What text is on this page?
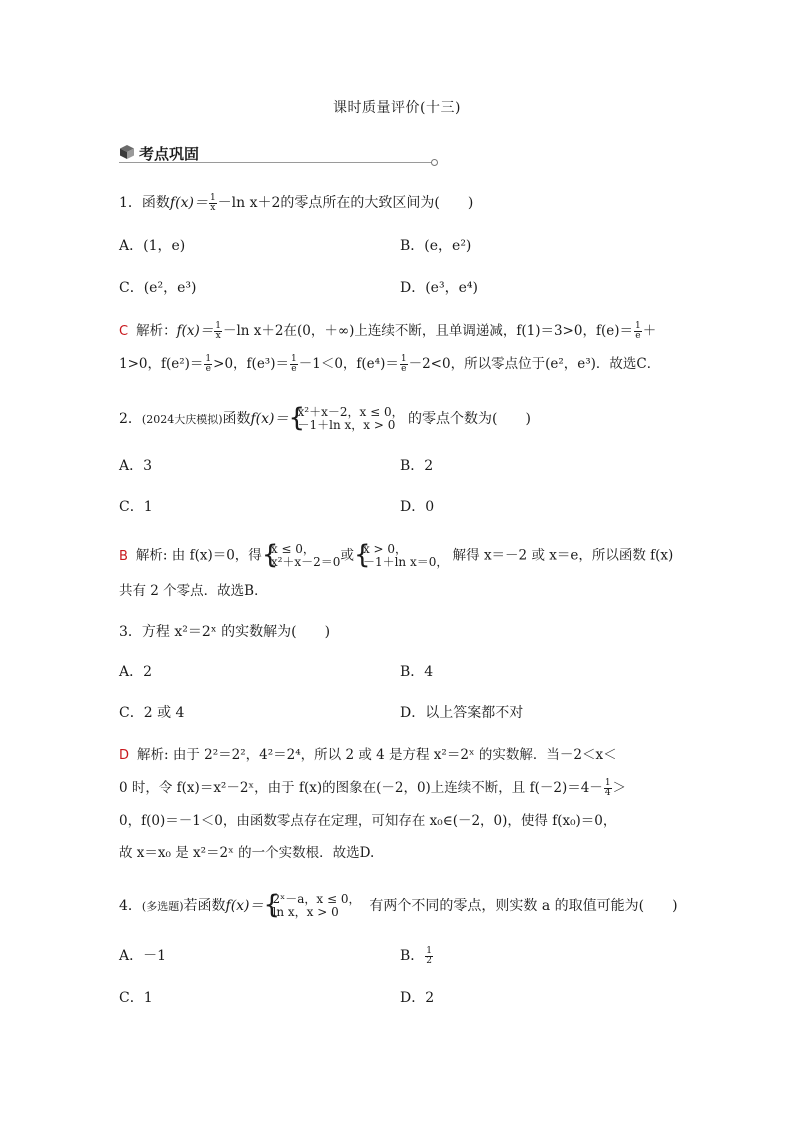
课时质量评价(十三)
考点巩固
1．函数$f(x)= \frac{1}{x} -\ln$ x＋2的零点所在的大致区间为(　　)
A．(1，e)	B．(e，e²)
C．(e²，e³)	D．(e³，e⁴)
C 解析：$f(x)= \frac{1}{x} -\ln$ x＋2在(0，＋∞)上连续不断，且单调递减，f(1)＝3>0，$f(e)= \frac{1}{e}$ ＋
1>0，$f(e^2)= \frac{1}{e} >0$，$f(e^3)= \frac{1}{e} -1<0$，$f(e^4)= \frac{1}{e} -2<0$，所以零点位于(e²，e³)．故选C．
2．(2024大庆模拟)函数f(x)＝ {
x²＋x－2，x ≤ 0，
－1＋ln x，x > 0 的零点个数为(　　)
A．3	B．2
C．1	D．0
B 解析: 由 f(x)＝0，得 {
x ≤ 0，
x²＋x－2＝0 或 {
x > 0，
－1＋ln x＝0， 解得 x＝－2 或 x＝e，所以函数 f(x)
共有 2 个零点．故选B．
3．方程 x²＝2ˣ 的实数解为(　　)
A．2	B．4
C．2 或 4	D．以上答案都不对
D 解析: 由于 2²＝2²，4²＝2⁴，所以 2 或 4 是方程 x²＝2ˣ 的实数解．当－2＜x＜
0 时，令 f(x)＝x²－2ˣ，由于 f(x)的图象在(－2，0)上连续不断，且 $f(-2)=4- \frac{1}{4}$ ＞
0，f(0)＝－1＜0，由函数零点存在定理，可知存在 x₀∈(－2，0)，使得 f(x₀)＝0，
故 x＝x₀ 是 x²＝2ˣ 的一个实数根．故选D.
4．(多选题)若函数f(x)＝ {
2ˣ－a，x ≤ 0，
ln x，x > 0	有两个不同的零点，则实数 a 的取值可能为(　　)
A．－1	B． $\frac{1}{2}$
C．1	D．2
